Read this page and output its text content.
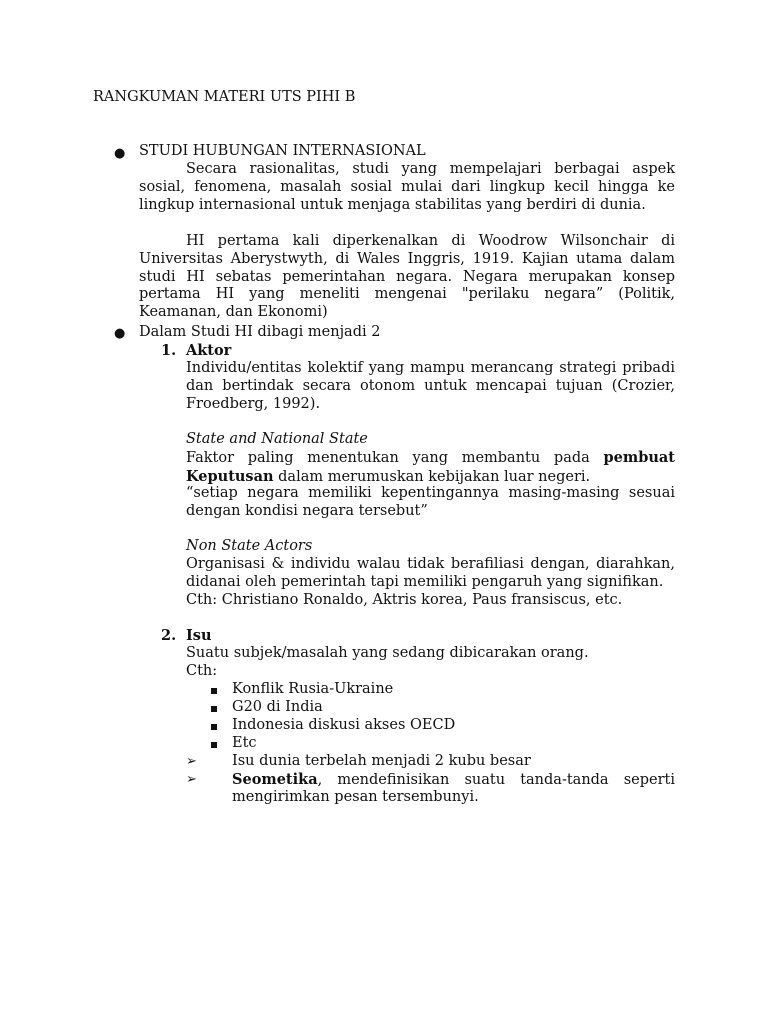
RANGKUMAN MATERI UTS PIHI B
● STUDI HUBUNGAN INTERNASIONAL
Secara rasionalitas, studi yang mempelajari berbagai aspek sosial, fenomena, masalah sosial mulai dari lingkup kecil hingga ke lingkup internasional untuk menjaga stabilitas yang berdiri di dunia.
HI pertama kali diperkenalkan di Woodrow Wilsonchair di Universitas Aberystwyth, di Wales Inggris, 1919. Kajian utama dalam studi HI sebatas pemerintahan negara. Negara merupakan konsep pertama HI yang meneliti mengenai "perilaku negara” (Politik, Keamanan, dan Ekonomi)
● Dalam Studi HI dibagi menjadi 2
1. Aktor
Individu/entitas kolektif yang mampu merancang strategi pribadi dan bertindak secara otonom untuk mencapai tujuan (Crozier, Froedberg, 1992).
State and National State
Faktor paling menentukan yang membantu pada pembuat Keputusan dalam merumuskan kebijakan luar negeri.
“setiap negara memiliki kepentingannya masing-masing sesuai dengan kondisi negara tersebut”
Non State Actors
Organisasi & individu walau tidak berafiliasi dengan, diarahkan, didanai oleh pemerintah tapi memiliki pengaruh yang signifikan.
Cth: Christiano Ronaldo, Aktris korea, Paus fransiscus, etc.
2. Isu
Suatu subjek/masalah yang sedang dibicarakan orang.
Cth:
Konflik Rusia-Ukraine
G20 di India
Indonesia diskusi akses OECD
Etc
➢ Isu dunia terbelah menjadi 2 kubu besar
➢ Seometika, mendefinisikan suatu tanda-tanda seperti
mengirimkan pesan tersembunyi.
